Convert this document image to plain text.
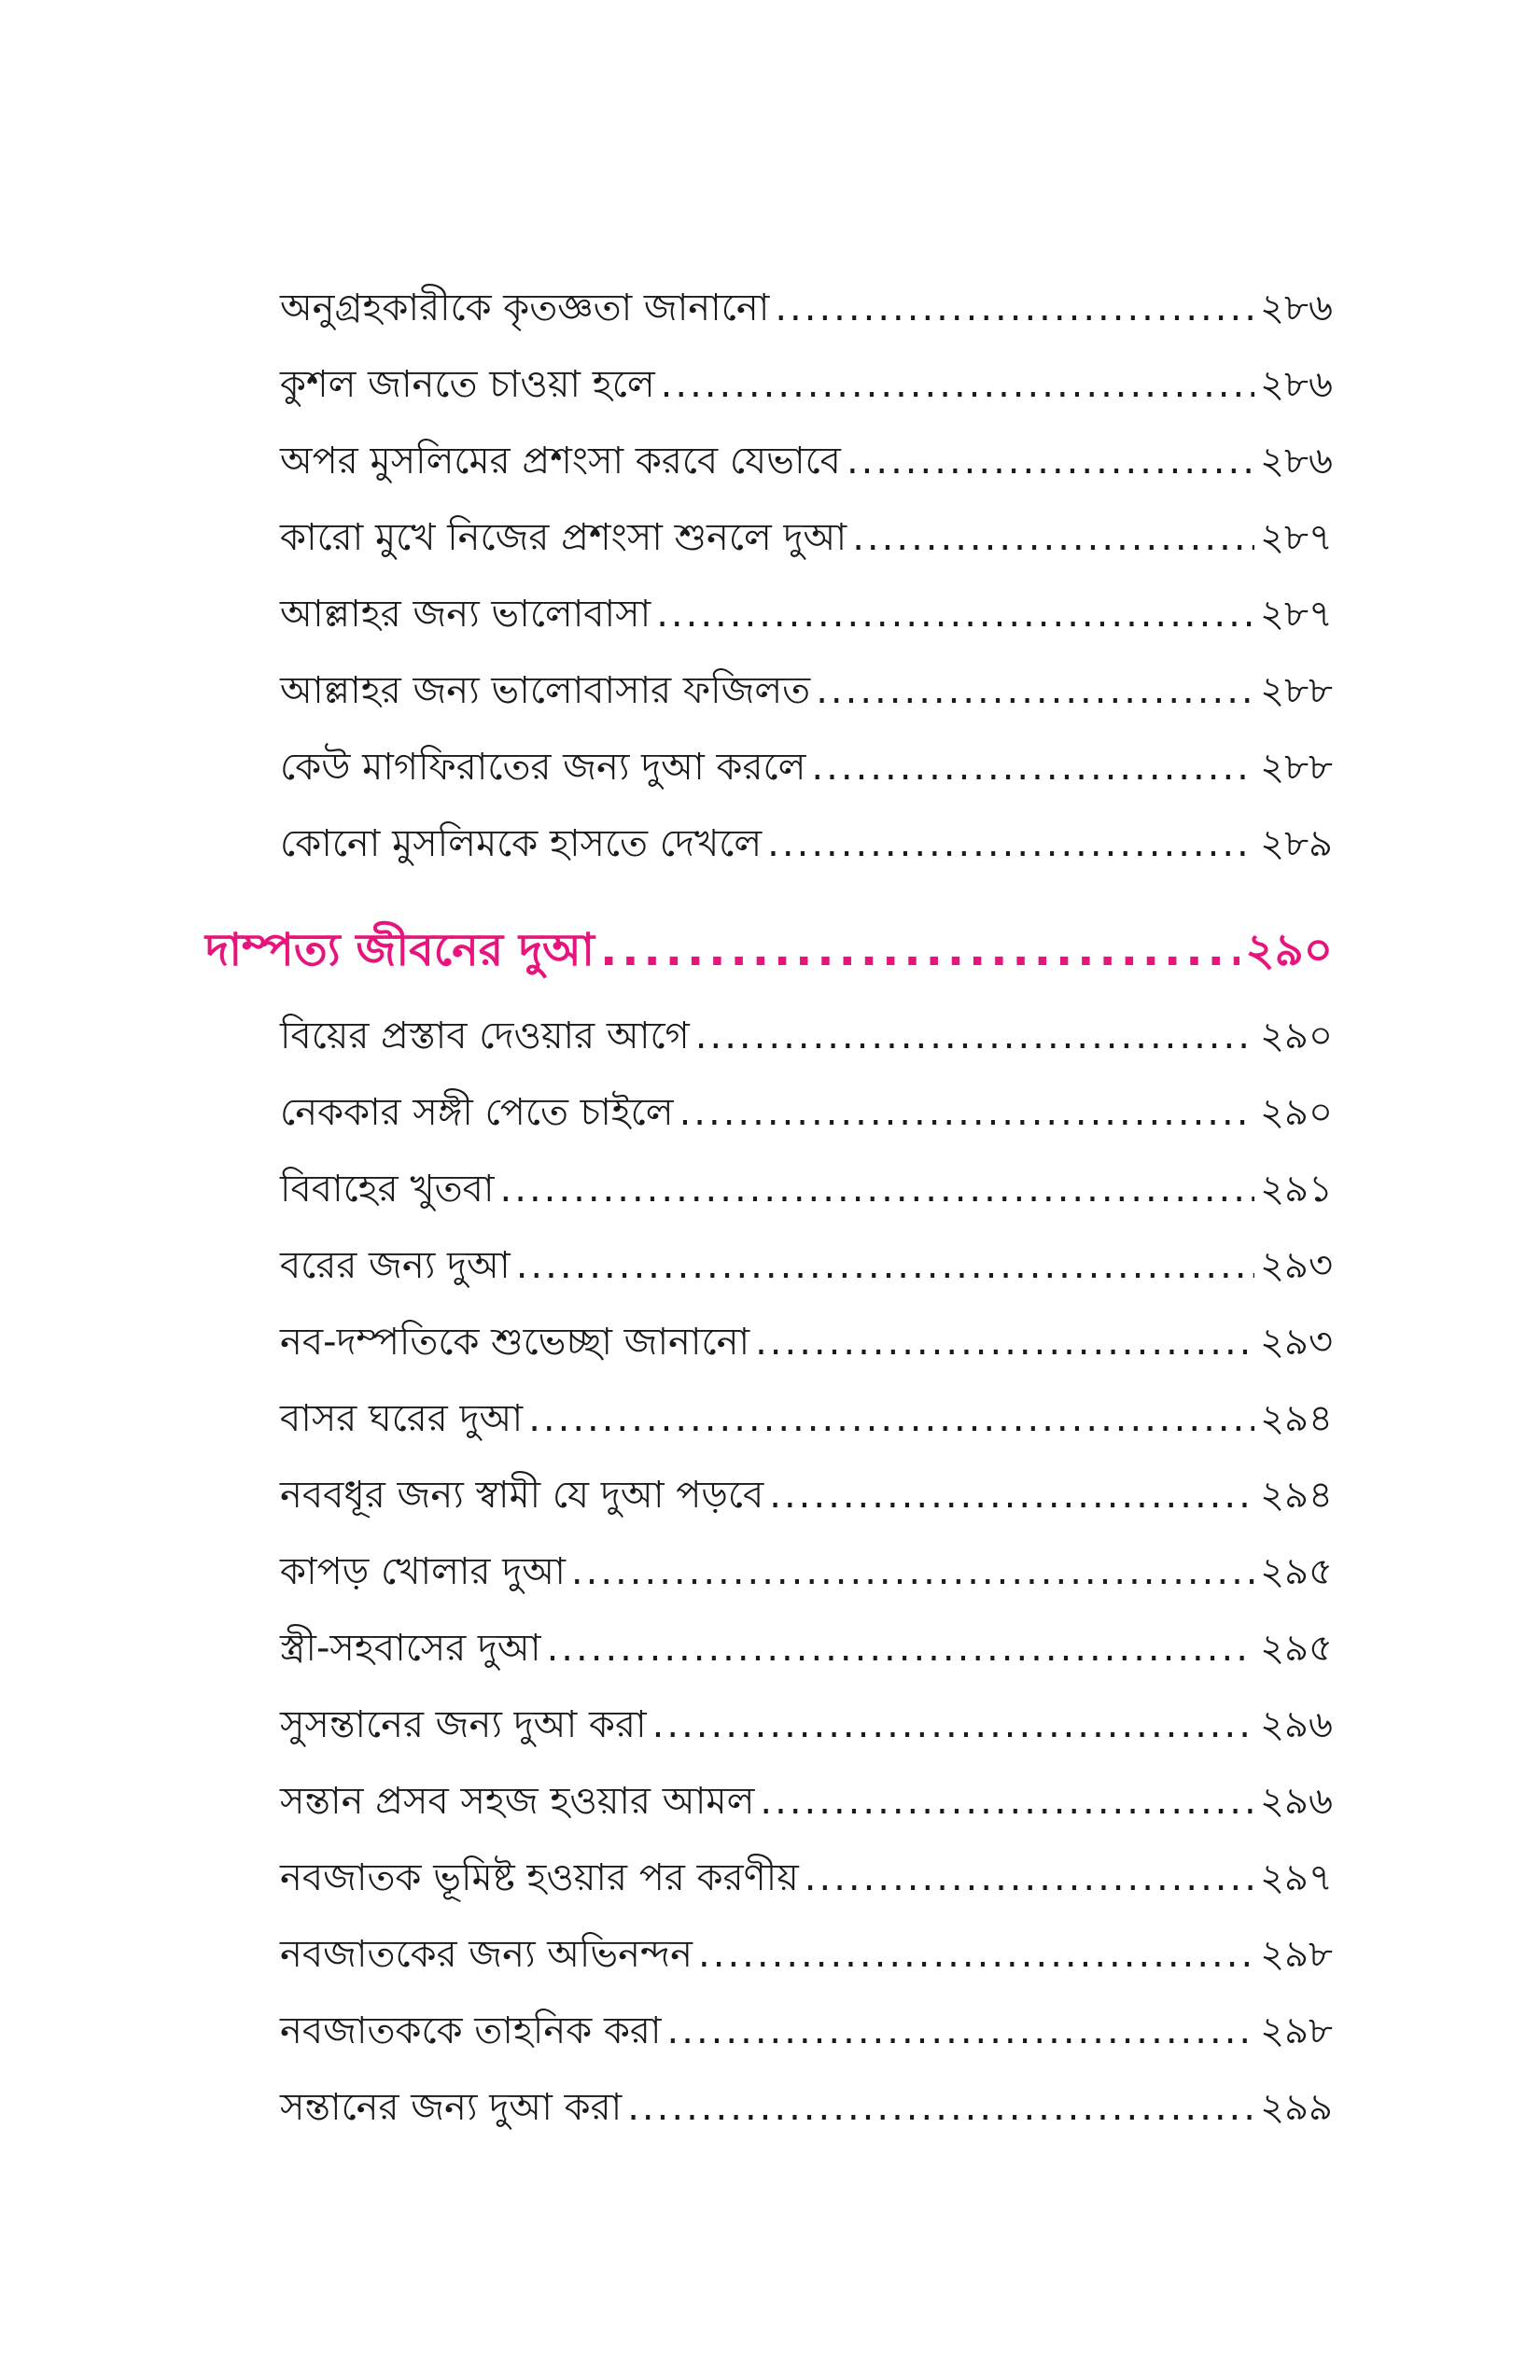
অনুগ্রহকারীকে কৃতজ্ঞতা জানানো .....	২৮৬
কুশল জানতে চাওয়া হলে .....	২৮৬
অপর মুসলিমের প্রশংসা করবে যেভাবে .....	২৮৬
কারো মুখে নিজের প্রশংসা শুনলে দুআ .....	২৮৭
আল্লাহর জন্য ভালোবাসা .....	২৮৭
আল্লাহর জন্য ভালোবাসার ফজিলত .....	২৮৮
কেউ মাগফিরাতের জন্য দুআ করলে .....	২৮৮
কোনো মুসলিমকে হাসতে দেখলে .....	২৮৯
দাম্পত্য জীবনের দুআ .....	২৯০
বিয়ের প্রস্তাব দেওয়ার আগে .....	২৯০
নেককার সঙ্গী পেতে চাইলে .....	২৯০
বিবাহের খুতবা .....	২৯১
বরের জন্য দুআ .....	২৯৩
নব-দম্পতিকে শুভেচ্ছা জানানো .....	২৯৩
বাসর ঘরের দুআ .....	২৯৪
নববধূর জন্য স্বামী যে দুআ পড়বে .....	২৯৪
কাপড় খোলার দুআ .....	২৯৫
স্ত্রী-সহবাসের দুআ .....	২৯৫
সুসন্তানের জন্য দুআ করা .....	২৯৬
সন্তান প্রসব সহজ হওয়ার আমল .....	২৯৬
নবজাতক ভূমিষ্ট হওয়ার পর করণীয় .....	২৯৭
নবজাতকের জন্য অভিনন্দন .....	২৯৮
নবজাতককে তাহনিক করা .....	২৯৮
সন্তানের জন্য দুআ করা .....	২৯৯
